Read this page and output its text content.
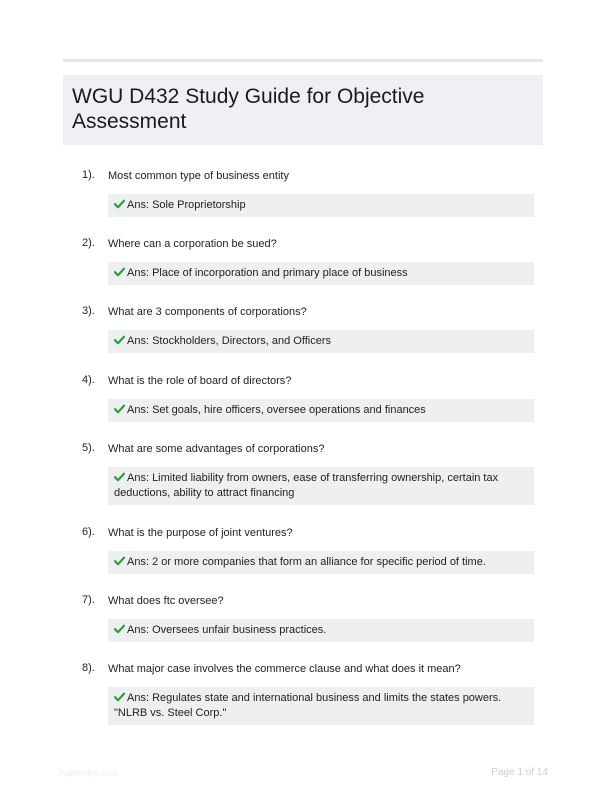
WGU D432 Study Guide for Objective Assessment
1). Most common type of business entity
Ans: Sole Proprietorship
2). Where can a corporation be sued?
Ans: Place of incorporation and primary place of business
3). What are 3 components of corporations?
Ans: Stockholders, Directors, and Officers
4). What is the role of board of directors?
Ans: Set goals, hire officers, oversee operations and finances
5). What are some advantages of corporations?
Ans: Limited liability from owners, ease of transferring ownership, certain tax deductions, ability to attract financing
6). What is the purpose of joint ventures?
Ans: 2 or more companies that form an alliance for specific period of time.
7). What does ftc oversee?
Ans: Oversees unfair business practices.
8). What major case involves the commerce clause and what does it mean?
Ans: Regulates state and international business and limits the states powers. "NLRB vs. Steel Corp."
Papersflip.com	Page 1 of 14
